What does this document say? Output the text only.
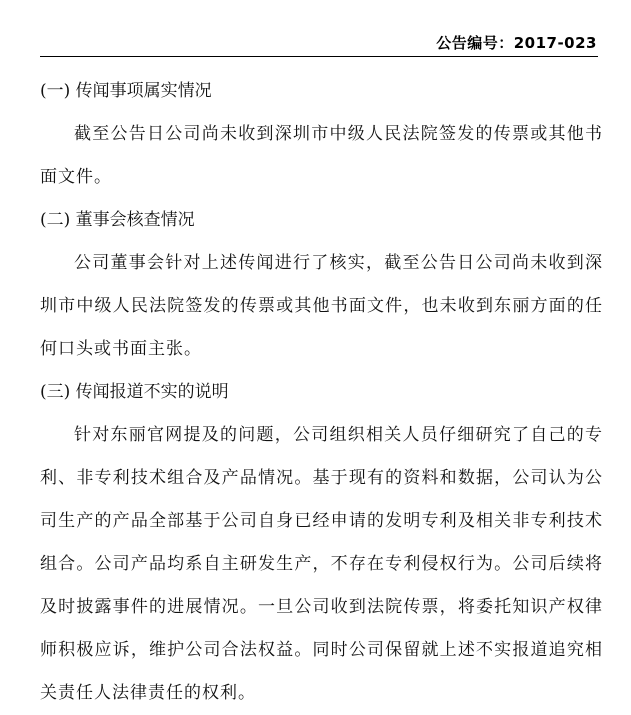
公告编号：2017-023

(一) 传闻事项属实情况

截至公告日公司尚未收到深圳市中级人民法院签发的传票或其他书面文件。

(二) 董事会核查情况

公司董事会针对上述传闻进行了核实，截至公告日公司尚未收到深圳市中级人民法院签发的传票或其他书面文件，也未收到东丽方面的任何口头或书面主张。

(三) 传闻报道不实的说明

针对东丽官网提及的问题，公司组织相关人员仔细研究了自己的专利、非专利技术组合及产品情况。基于现有的资料和数据，公司认为公司生产的产品全部基于公司自身已经申请的发明专利及相关非专利技术组合。公司产品均系自主研发生产，不存在专利侵权行为。公司后续将及时披露事件的进展情况。一旦公司收到法院传票，将委托知识产权律师积极应诉，维护公司合法权益。同时公司保留就上述不实报道追究相关责任人法律责任的权利。
